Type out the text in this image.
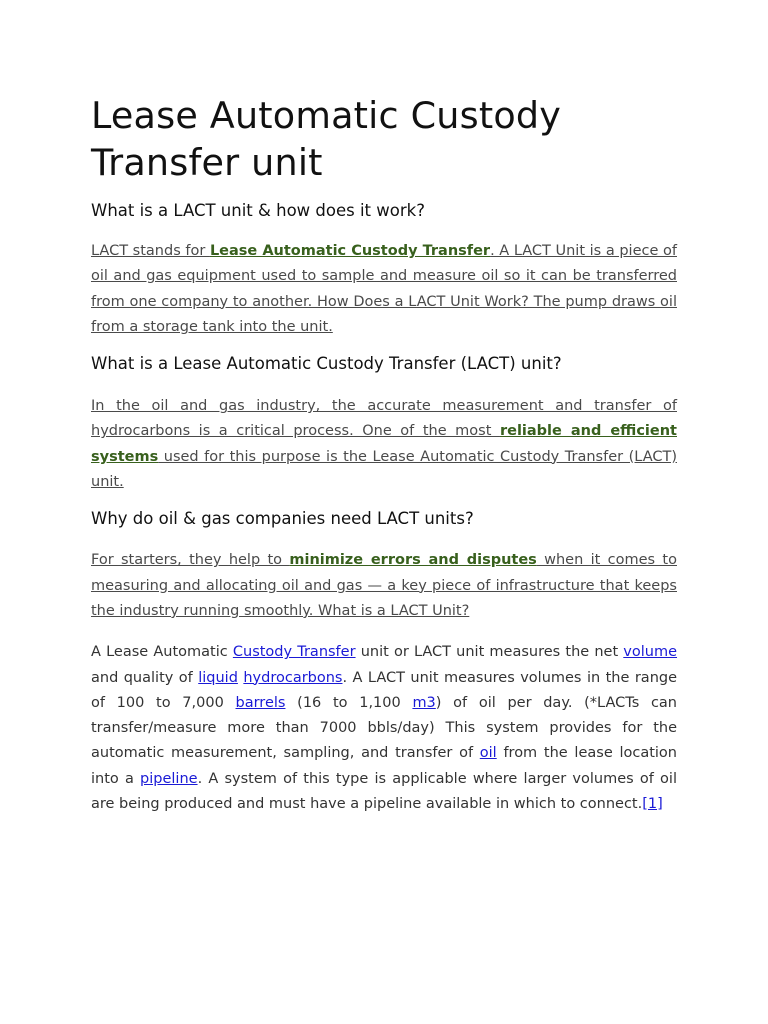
Lease Automatic Custody Transfer unit
What is a LACT unit & how does it work?

LACT stands for Lease Automatic Custody Transfer. A LACT Unit is a piece of oil and gas equipment used to sample and measure oil so it can be transferred from one company to another. How Does a LACT Unit Work? The pump draws oil from a storage tank into the unit.

What is a Lease Automatic Custody Transfer (LACT) unit?

In the oil and gas industry, the accurate measurement and transfer of hydrocarbons is a critical process. One of the most reliable and efficient systems used for this purpose is the Lease Automatic Custody Transfer (LACT) unit.

Why do oil & gas companies need LACT units?

For starters, they help to minimize errors and disputes when it comes to measuring and allocating oil and gas — a key piece of infrastructure that keeps the industry running smoothly. What is a LACT Unit?

A Lease Automatic Custody Transfer unit or LACT unit measures the net volume and quality of liquid hydrocarbons. A LACT unit measures volumes in the range of 100 to 7,000 barrels (16 to 1,100 m3) of oil per day. (*LACTs can transfer/measure more than 7000 bbls/day) This system provides for the automatic measurement, sampling, and transfer of oil from the lease location into a pipeline. A system of this type is applicable where larger volumes of oil are being produced and must have a pipeline available in which to connect.[1]
